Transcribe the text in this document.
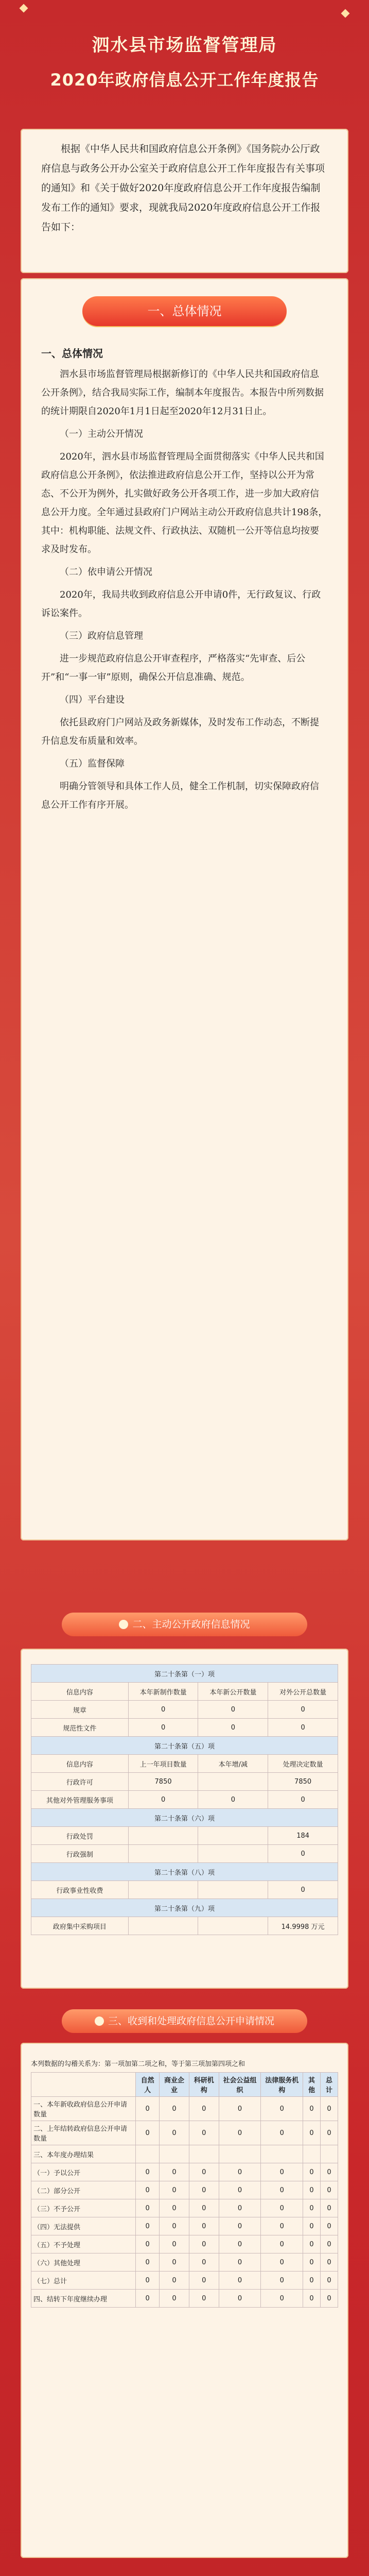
泗水县市场监督管理局
2020年政府信息公开工作年度报告

根据《中华人民共和国政府信息公开条例》《国务院办公厅政府信息与政务公开办公室关于政府信息公开工作年度报告有关事项的通知》和《关于做好2020年度政府信息公开工作年度报告编制发布工作的通知》要求，现就我局2020年度政府信息公开工作报告如下：

一、总体情况

泗水县市场监督管理局根据新修订的《中华人民共和国政府信息公开条例》，结合我局实际工作，编制本年度报告。本报告中所列数据的统计期限自2020年1月1日起至2020年12月31日止。

（一）主动公开情况

2020年，泗水县市场监督管理局全面贯彻落实《中华人民共和国政府信息公开条例》，依法推进政府信息公开工作，坚持以公开为常态、不公开为例外，扎实做好政务公开各项工作，进一步加大政府信息公开力度。全年通过县政府门户网站主动公开政府信息共计198条，其中：机构职能、法规文件、行政执法、双随机一公开等信息均按要求及时发布。

（二）依申请公开情况

2020年，我局共收到政府信息公开申请0件，无行政复议、行政诉讼案件。

（三）政府信息管理

进一步规范政府信息公开审查程序，严格落实“先审查、后公开”和“一事一审”原则，确保公开信息准确、规范。

（四）平台建设

依托县政府门户网站及政务新媒体，及时发布工作动态，不断提升信息发布质量和效率。

（五）监督保障

明确分管领导和具体工作人员，健全工作机制，切实保障政府信息公开工作有序开展。

一、总体情况
二、主动公开政府信息情况
第二十条第（一）项			
信息内容	本年新制作数量	本年新公开数量	对外公开总数量
规章	0	0	0
规范性文件	0	0	0
第二十条第（五）项			
信息内容	上一年项目数量	本年增/减	处理决定数量
行政许可	7850		7850
其他对外管理服务事项	0	0	0
第二十条第（六）项			
行政处罚			184
行政强制			0
第二十条第（八）项			
行政事业性收费			0
第二十条第（九）项			
政府集中采购项目			14.9998 万元
三、收到和处理政府信息公开申请情况
本列数据的勾稽关系为：第一项加第二项之和，等于第三项加第四项之和
	自然人	商业企业	科研机构	社会公益组织	法律服务机构	其他	总计
一、本年新收政府信息公开申请数量	0	0	0	0	0	0	0
二、上年结转政府信息公开申请数量	0	0	0	0	0	0	0
三、本年度办理结果							
（一）予以公开	0	0	0	0	0	0	0
（二）部分公开	0	0	0	0	0	0	0
（三）不予公开	0	0	0	0	0	0	0
（四）无法提供	0	0	0	0	0	0	0
（五）不予处理	0	0	0	0	0	0	0
（六）其他处理	0	0	0	0	0	0	0
（七）总计	0	0	0	0	0	0	0
四、结转下年度继续办理	0	0	0	0	0	0	0
